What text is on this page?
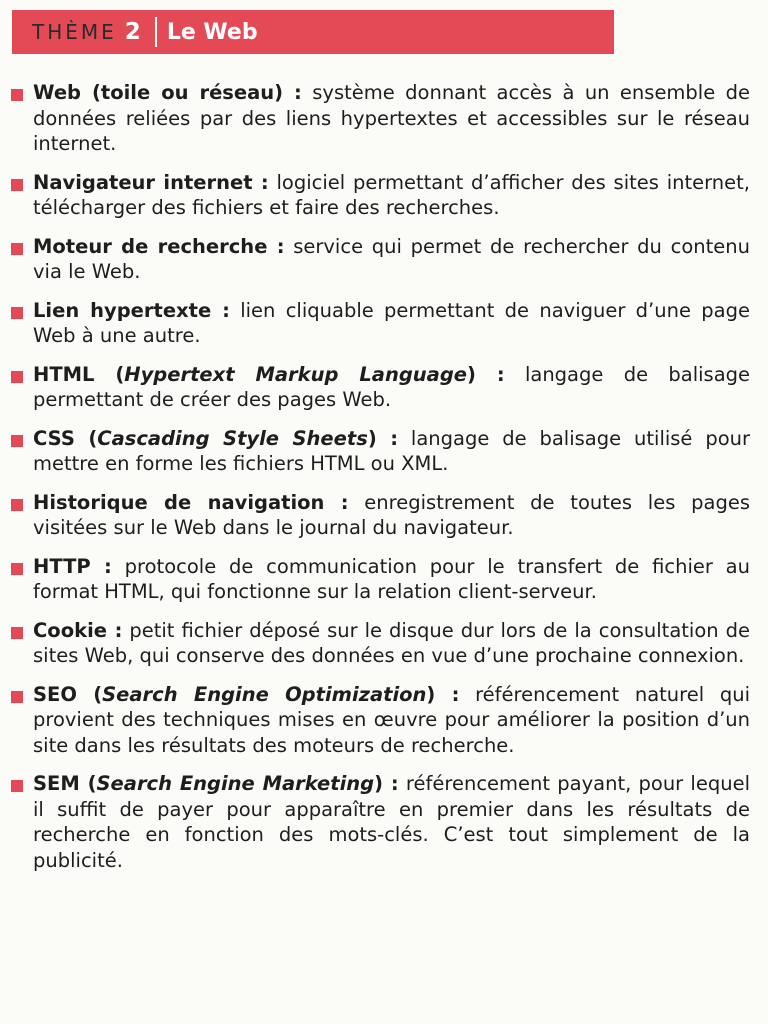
THÈME 2 Le Web
Web (toile ou réseau) : système donnant accès à un ensemble de données reliées par des liens hypertextes et accessibles sur le réseau internet.
Navigateur internet : logiciel permettant d’afficher des sites internet, télécharger des fichiers et faire des recherches.
Moteur de recherche : service qui permet de rechercher du contenu via le Web.
Lien hypertexte : lien cliquable permettant de naviguer d’une page Web à une autre.
HTML (Hypertext Markup Language) : langage de balisage permettant de créer des pages Web.
CSS (Cascading Style Sheets) : langage de balisage utilisé pour mettre en forme les fichiers HTML ou XML.
Historique de navigation : enregistrement de toutes les pages visitées sur le Web dans le journal du navigateur.
HTTP : protocole de communication pour le transfert de fichier au format HTML, qui fonctionne sur la relation client-serveur.
Cookie : petit fichier déposé sur le disque dur lors de la consultation de sites Web, qui conserve des données en vue d’une prochaine connexion.
SEO (Search Engine Optimization) : référencement naturel qui provient des techniques mises en œuvre pour améliorer la position d’un site dans les résultats des moteurs de recherche.
SEM (Search Engine Marketing) : référencement payant, pour lequel il suffit de payer pour apparaître en premier dans les résultats de recherche en fonction des mots-clés. C’est tout simplement de la publicité.
